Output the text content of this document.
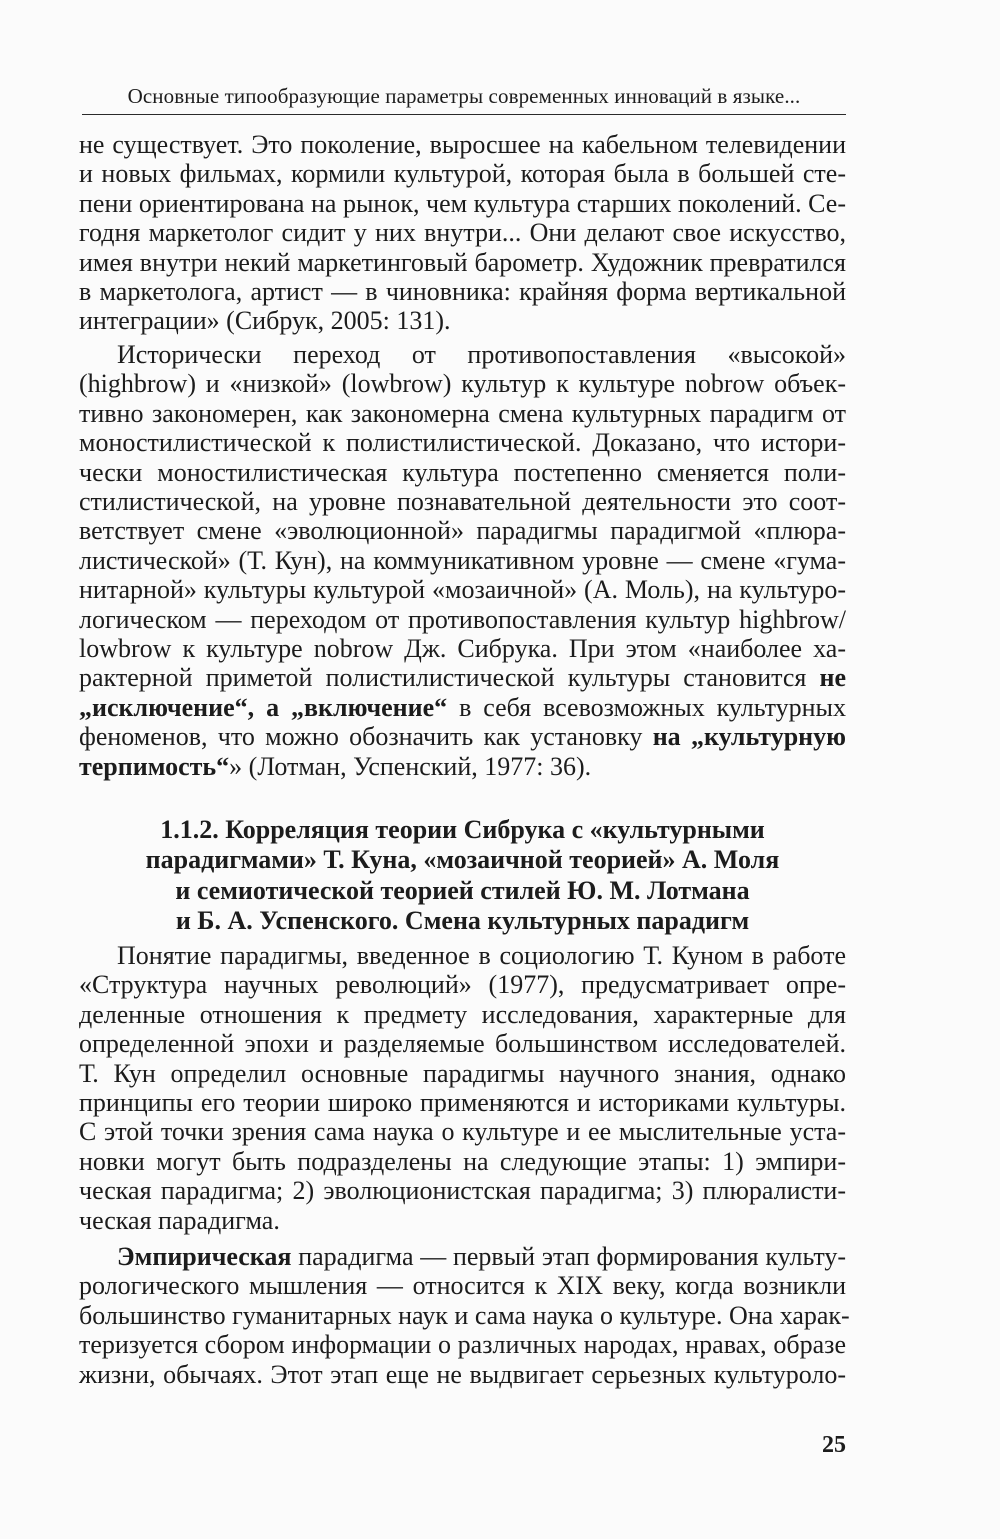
Основные типообразующие параметры современных инноваций в языке...

не существует. Это поколение, выросшее на кабельном телевидении
и новых фильмах, кормили культурой, которая была в большей сте-
пени ориентирована на рынок, чем культура старших поколений. Се-
годня маркетолог сидит у них внутри... Они делают свое искусство,
имея внутри некий маркетинговый барометр. Художник превратился
в маркетолога, артист — в чиновника: крайняя форма вертикальной
интеграции» (Сибрук, 2005: 131).

Исторически переход от противопоставления «высокой»
(highbrow) и «низкой» (lowbrow) культур к культуре nobrow объек-
тивно закономерен, как закономерна смена культурных парадигм от
моностилистической к полистилистической. Доказано, что истори-
чески моностилистическая культура постепенно сменяется поли-
стилистической, на уровне познавательной деятельности это соот-
ветствует смене «эволюционной» парадигмы парадигмой «плюра-
листической» (Т. Кун), на коммуникативном уровне — смене «гума-
нитарной» культуры культурой «мозаичной» (А. Моль), на культуро-
логическом — переходом от противопоставления культур highbrow/
lowbrow к культуре nobrow Дж. Сибрука. При этом «наиболее ха-
рактерной приметой полистилистической культуры становится не
„исключение“, а „включение“ в себя всевозможных культурных
феноменов, что можно обозначить как установку на „культурную
терпимость“» (Лотман, Успенский, 1977: 36).

1.1.2. Корреляция теории Сибрука с «культурными
парадигмами» Т. Куна, «мозаичной теорией» А. Моля
и семиотической теорией стилей Ю. М. Лотмана
и Б. А. Успенского. Смена культурных парадигм

Понятие парадигмы, введенное в социологию Т. Куном в работе
«Структура научных революций» (1977), предусматривает опре-
деленные отношения к предмету исследования, характерные для
определенной эпохи и разделяемые большинством исследователей.
Т. Кун определил основные парадигмы научного знания, однако
принципы его теории широко применяются и историками культуры.
С этой точки зрения сама наука о культуре и ее мыслительные уста-
новки могут быть подразделены на следующие этапы: 1) эмпири-
ческая парадигма; 2) эволюционистская парадигма; 3) плюралисти-
ческая парадигма.

Эмпирическая парадигма — первый этап формирования культу-
рологического мышления — относится к XIX веку, когда возникли
большинство гуманитарных наук и сама наука о культуре. Она харак-
теризуется сбором информации о различных народах, нравах, образе
жизни, обычаях. Этот этап еще не выдвигает серьезных культуроло-

25
